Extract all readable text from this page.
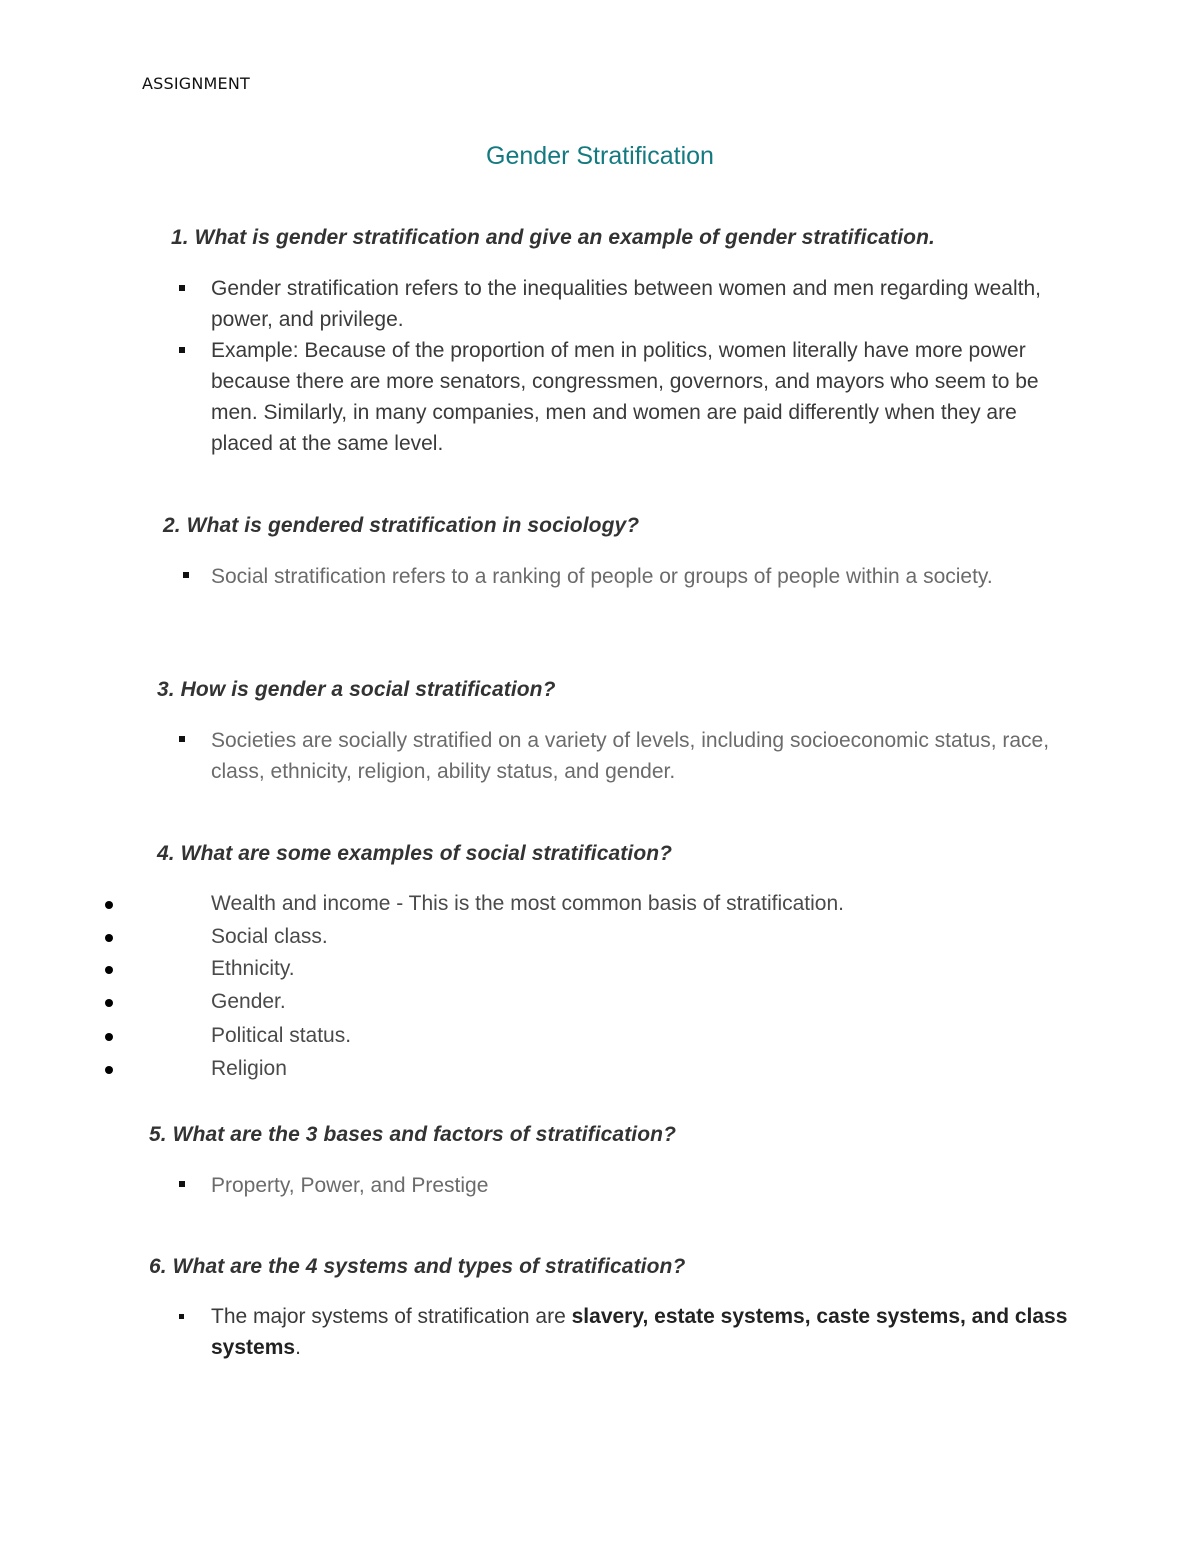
ASSIGNMENT
Gender Stratification
1. What is gender stratification and give an example of gender stratification.
Gender stratification refers to the inequalities between women and men regarding wealth, power, and privilege.
Example: Because of the proportion of men in politics, women literally have more power because there are more senators, congressmen, governors, and mayors who seem to be men. Similarly, in many companies, men and women are paid differently when they are placed at the same level.
2. What is gendered stratification in sociology?
Social stratification refers to a ranking of people or groups of people within a society.
3. How is gender a social stratification?
Societies are socially stratified on a variety of levels, including socioeconomic status, race, class, ethnicity, religion, ability status, and gender.
4. What are some examples of social stratification?
Wealth and income - This is the most common basis of stratification.
Social class.
Ethnicity.
Gender.
Political status.
Religion
5. What are the 3 bases and factors of stratification?
Property, Power, and Prestige
6. What are the 4 systems and types of stratification?
The major systems of stratification are slavery, estate systems, caste systems, and class systems.
